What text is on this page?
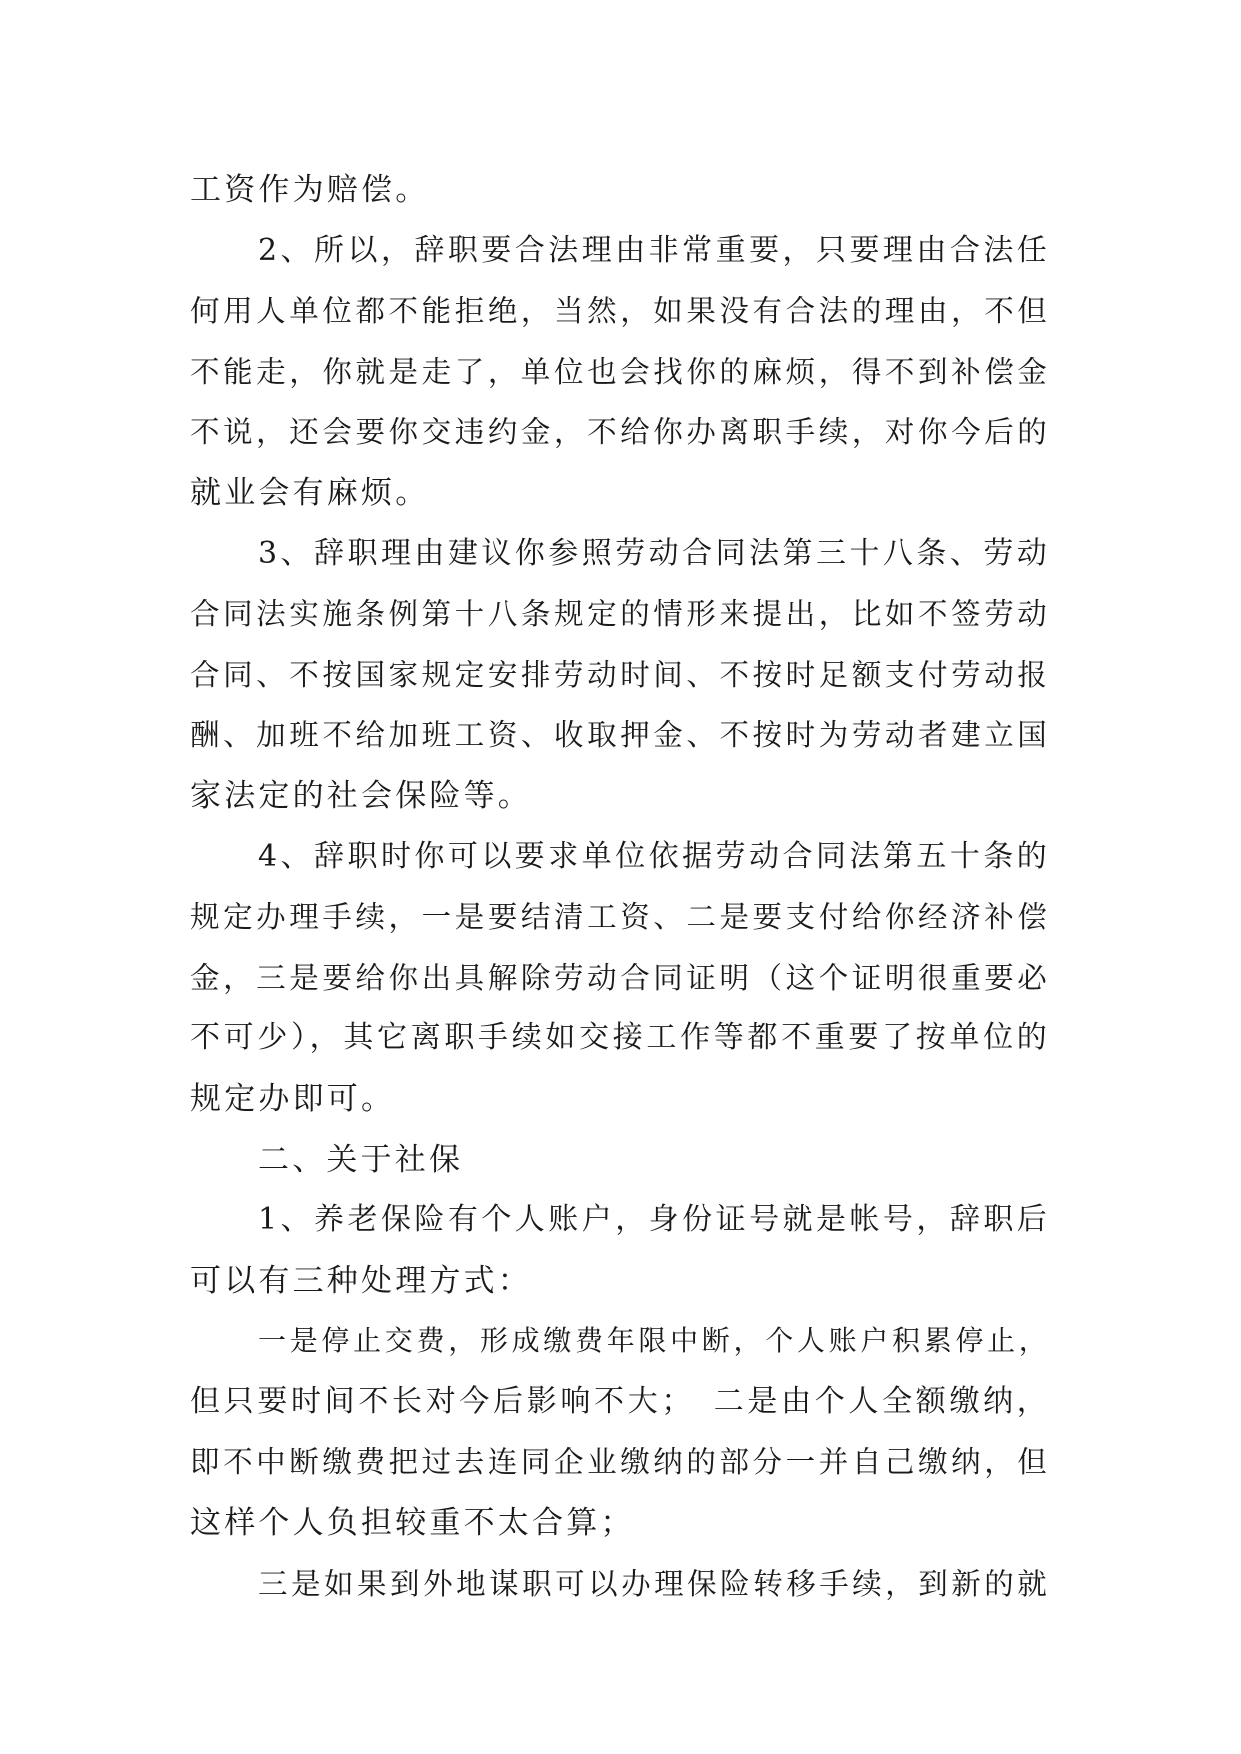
工资作为赔偿。
2、所以，辞职要合法理由非常重要，只要理由合法任
何用人单位都不能拒绝，当然，如果没有合法的理由，不但
不能走，你就是走了，单位也会找你的麻烦，得不到补偿金
不说，还会要你交违约金，不给你办离职手续，对你今后的
就业会有麻烦。
3、辞职理由建议你参照劳动合同法第三十八条、劳动
合同法实施条例第十八条规定的情形来提出，比如不签劳动
合同、不按国家规定安排劳动时间、不按时足额支付劳动报
酬、加班不给加班工资、收取押金、不按时为劳动者建立国
家法定的社会保险等。
4、辞职时你可以要求单位依据劳动合同法第五十条的
规定办理手续，一是要结清工资、二是要支付给你经济补偿
金，三是要给你出具解除劳动合同证明（这个证明很重要必
不可少），其它离职手续如交接工作等都不重要了按单位的
规定办即可。
二、关于社保
1、养老保险有个人账户，身份证号就是帐号，辞职后
可以有三种处理方式：
一是停止交费，形成缴费年限中断，个人账户积累停止，
但只要时间不长对今后影响不大；　二是由个人全额缴纳，
即不中断缴费把过去连同企业缴纳的部分一并自己缴纳，但
这样个人负担较重不太合算；
三是如果到外地谋职可以办理保险转移手续，到新的就
